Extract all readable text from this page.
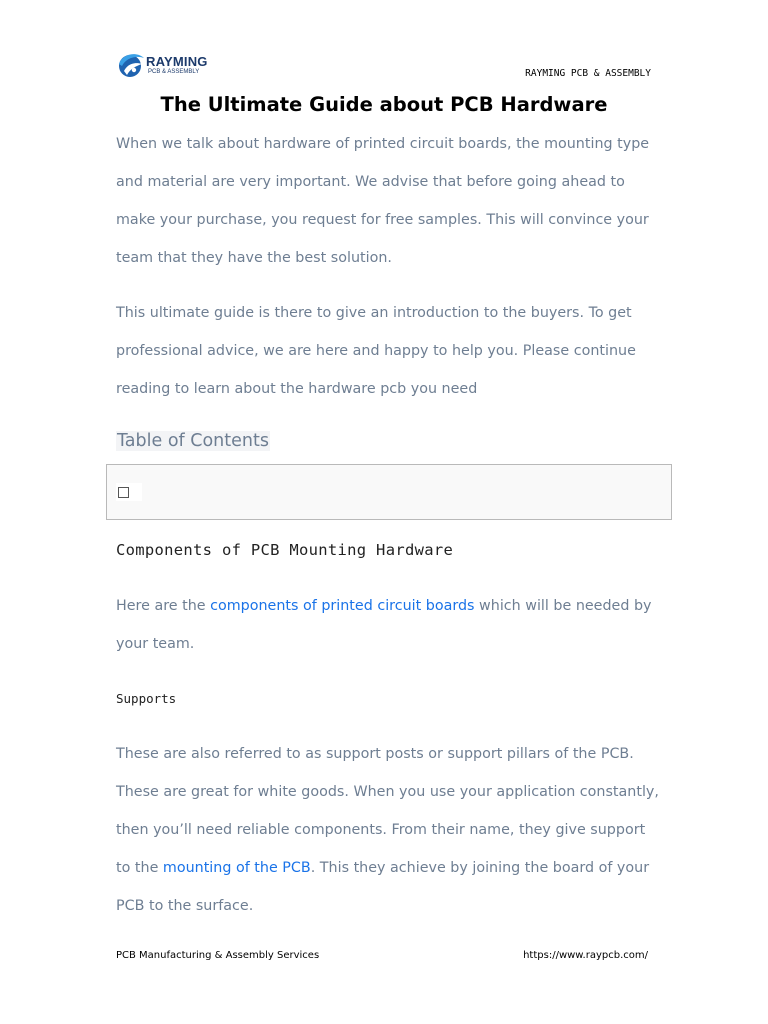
RAYMING
PCB & ASSEMBLY	RAYMING PCB & ASSEMBLY
The Ultimate Guide about PCB Hardware

When we talk about hardware of printed circuit boards, the mounting type and material are very important. We advise that before going ahead to make your purchase, you request for free samples. This will convince your team that they have the best solution.

This ultimate guide is there to give an introduction to the buyers. To get professional advice, we are here and happy to help you. Please continue reading to learn about the hardware pcb you need

Table of Contents
Components of PCB Mounting Hardware

Here are the components of printed circuit boards which will be needed by your team.

Supports

These are also referred to as support posts or support pillars of the PCB. These are great for white goods. When you use your application constantly, then you’ll need reliable components. From their name, they give support to the mounting of the PCB. This they achieve by joining the board of your PCB to the surface.

PCB Manufacturing & Assembly Services	https://www.raypcb.com/
